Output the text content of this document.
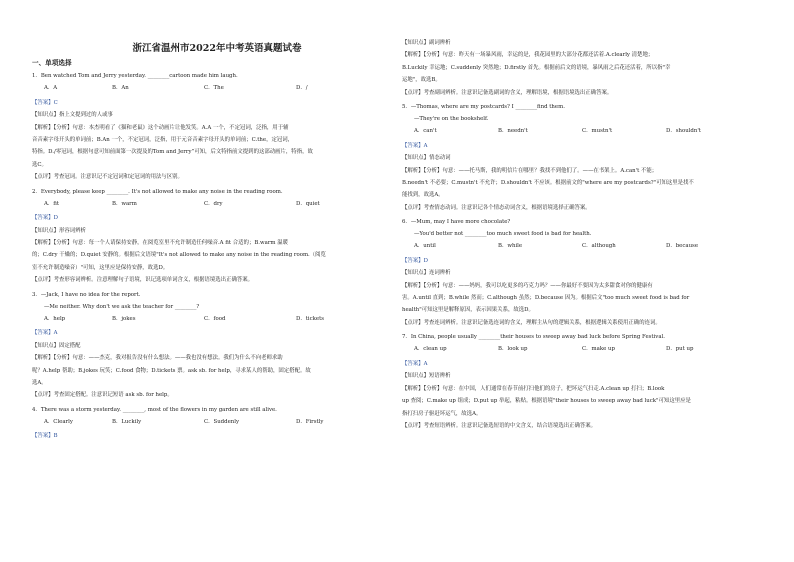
浙江省温州市2022年中考英语真题试卷
一、单项选择
1．Ben watched Tom and Jerry yesterday. ________cartoon made him laugh.
A．A	B．An	C．The	D．/
【答案】C
【知识点】指上文提到过的人或事
【解析】【分析】句意：本杰明看了《猫和老鼠》这个动画片让他发笑。A.A 一个，不定冠词，泛指，用于辅
音音素字母开头的单词前；B.An 一个，不定冠词，泛指，用于元音音素字母开头的单词前；C.the，定冠词，
特指。D./零冠词，根据句意可知前面第一次提及的Tom and Jerry”可知，后文特指前文提到的这部动画片，特指，故
选C。
【点评】考查冠词。注意识记不定冠词和定冠词的用法与区别。
2．Everybody, please keep ________. It's not allowed to make any noise in the reading room.
A．fit	B．warm	C．dry	D．quiet
【答案】D
【知识点】形容词辨析
【解析】【分析】句意：每一个人请保持安静，在阅览室里不允许制造任何噪音.A fit 合适的；B.warm 温暖
的；C.dry 干燥的；D.quiet 安静的。根据后文语境"It's not allowed to make any noise in the reading room.（阅览
室不允许制造噪音）"可知，这里应是保持安静，故选D。
【点评】考查形容词辨析。注意理解句子语境，识记选项单词含义，根据语境选出正确答案。
3．—Jack, I have no idea for the report.
—Me neither. Why don't we ask the teacher for ________?
A．help	B．jokes	C．food	D．tickets
【答案】A
【知识点】固定搭配
【解析】【分析】句意：——杰克，我对报告没有什么想法。——我也没有想法。我们为什么不向老师求助
呢？A.help 帮助；B.jokes 玩笑；C.food 食物；D.tickets 票。ask sb. for help，寻求某人的帮助，固定搭配。故
选A。
【点评】考查固定搭配。注意识记短语 ask sb. for help。
4．There was a storm yesterday. ________, most of the flowers in my garden are still alive.
A．Clearly	B．Luckily	C．Suddenly	D．Firstly
【答案】B
【知识点】副词辨析
【解析】【分析】句意：昨天有一场暴风雨，幸运的是，我花园里的大部分花都还活着.A.clearly 清楚地；
B.Luckily 幸运地；C.suddenly 突然地；D.firstly 首先。根据前后文的语境，暴风雨之后花还活着，所以指"幸
运地"，故选B。
【点评】考查副词辨析。注意识记备选副词的含义，理解语境，根据语境选出正确答案。
5．—Thomas, where are my postcards? I ________find them.
—They're on the bookshelf.
A．can't	B．needn't	C．mustn't	D．shouldn't
【答案】A
【知识点】情态动词
【解析】【分析】句意：——托马斯，我的明信片在哪里？我找不到他们了。——在书架上。A.can't 不能；
B.needn't 不必要；C.mustn't 不允许；D.shouldn't 不应该。根据前文的"where are my postcards?"可知这里是找不
能找到，故选A。
【点评】考查情态动词。注意识记各个情态动词含义，根据语境选择正确答案。
6．—Mum, may I have more chocolate?
—You'd better not ________too much sweet food is bad for health.
A．until	B．while	C．although	D．because
【答案】D
【知识点】连词辨析
【解析】【分析】句意：——妈妈，我可以吃更多的巧克力吗？——你最好不要因为太多甜食对你的健康有
害。A.until 直到；B.while 然而；C.although 虽然；D.because 因为。根据后文"too much sweet food is bad for
health"可知这里是解释原因，表示因果关系，故选D。
【点评】考查连词辨析。注意识记备选连词的含义，理解主从句的逻辑关系，根据逻辑关系使用正确的连词。
7．In China, people usually ________their houses to sweep away bad luck before Spring Festival.
A．clean up	B．look up	C．make up	D．put up
【答案】A
【知识点】短语辨析
【解析】【分析】句意：在中国，人们通常在春节前打扫他们的房子，把坏运气扫走.A.clean up 打扫；B.look
up 查阅；C.make up 组成；D.put up 举起，粘贴。根据语境"their houses to sweep away bad luck"可知这里应是
指打扫房子驱赶坏运气，故选A。
【点评】考查短语辨析。注意识记备选短语的中文含义，结合语境选出正确答案。
